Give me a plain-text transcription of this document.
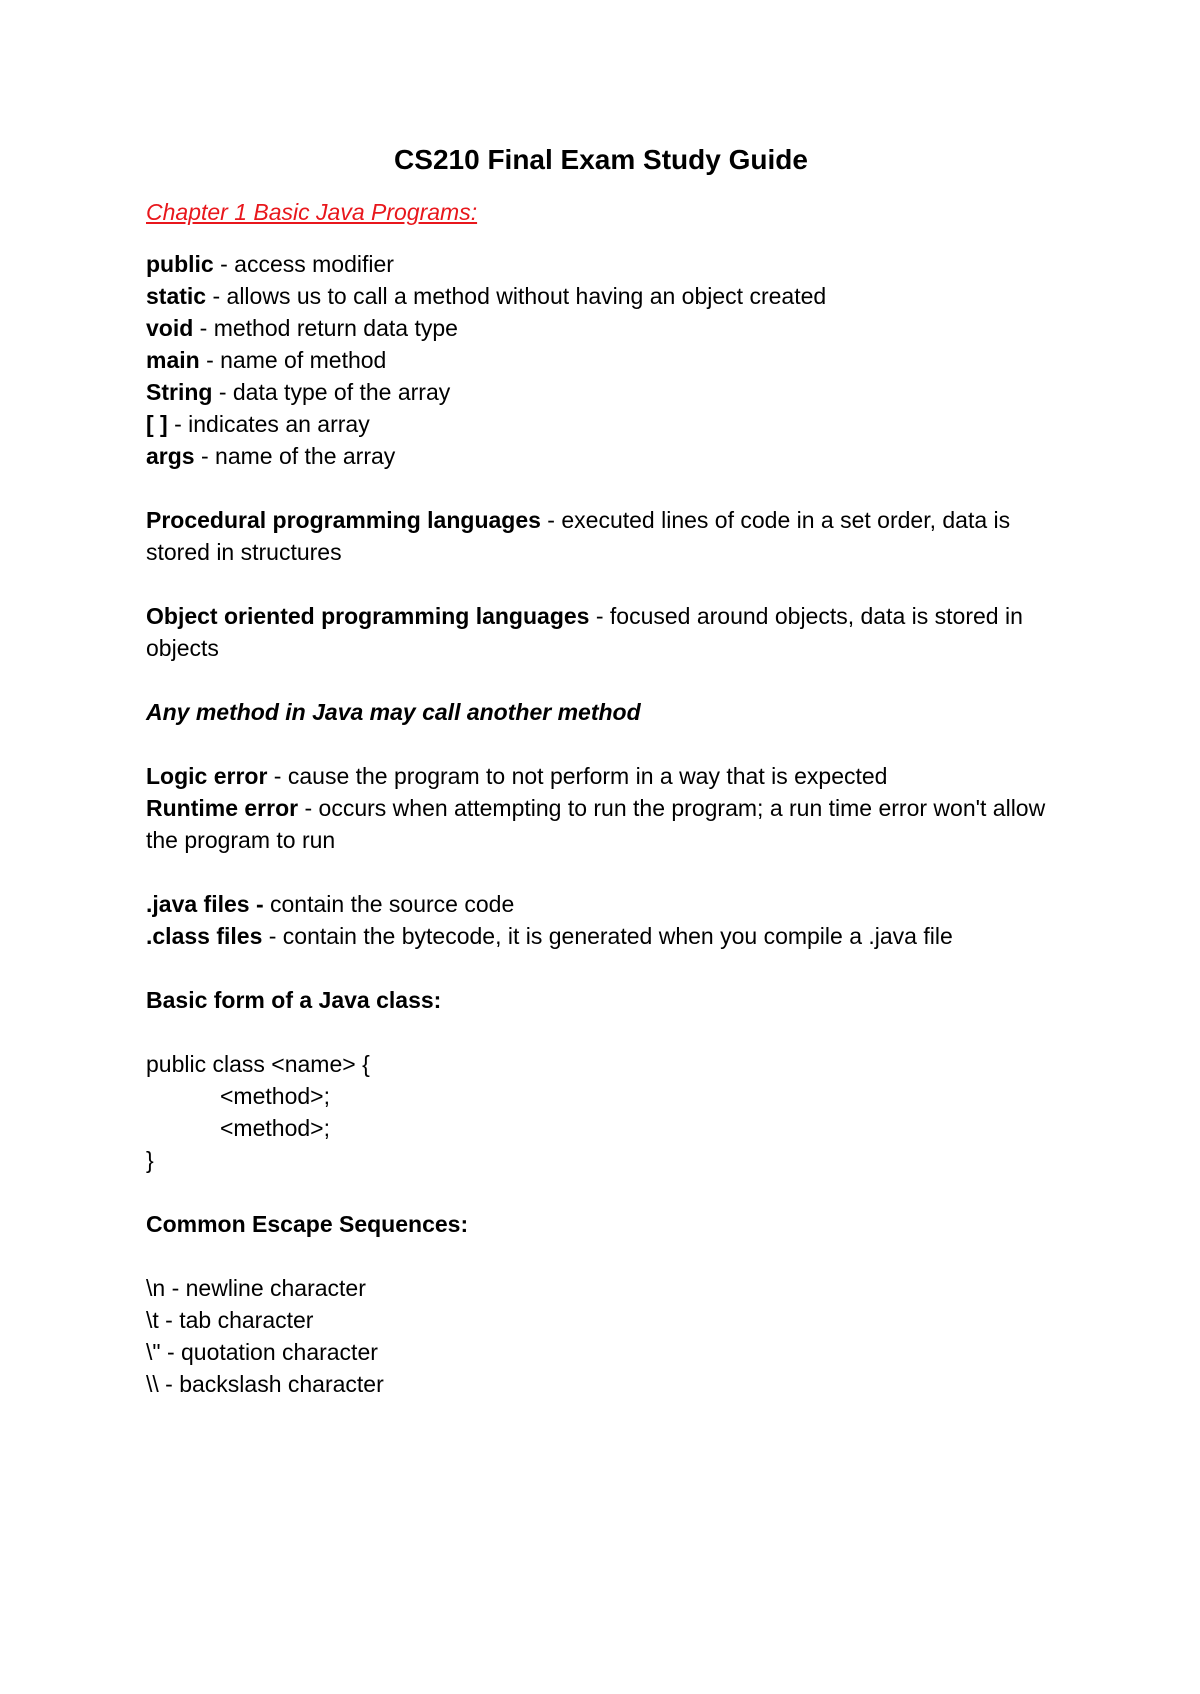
CS210 Final Exam Study Guide
Chapter 1 Basic Java Programs:
public - access modifier
static - allows us to call a method without having an object created
void - method return data type
main - name of method
String - data type of the array
[ ] - indicates an array
args - name of the array
Procedural programming languages - executed lines of code in a set order, data is stored in structures
Object oriented programming languages - focused around objects, data is stored in objects
Any method in Java may call another method
Logic error - cause the program to not perform in a way that is expected
Runtime error - occurs when attempting to run the program; a run time error won't allow the program to run
.java files - contain the source code
.class files - contain the bytecode, it is generated when you compile a .java file
Basic form of a Java class:
public class <name> {
<method>;
<method>;
}
Common Escape Sequences:
\n - newline character
\t - tab character
\" - quotation character
\\ - backslash character
